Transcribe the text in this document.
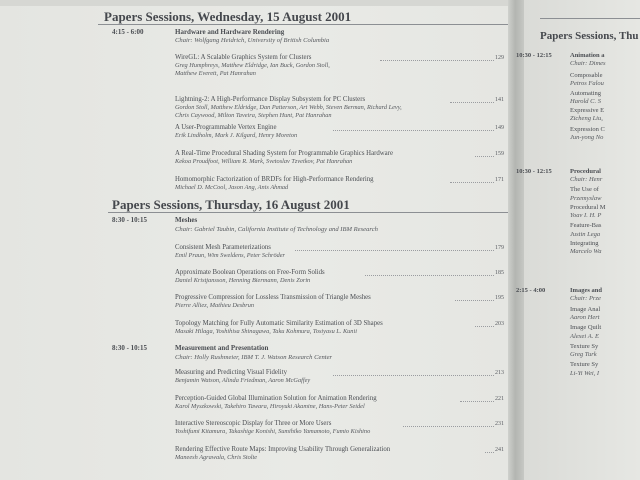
Papers Sessions, Wednesday, 15 August 2001
4:15 - 6:00	Hardware and Hardware Rendering
Chair: Wolfgang Heidrich, University of British Columbia
WireGL: A Scalable Graphics System for Clusters	129
Greg Humphreys, Matthew Eldridge, Ian Buck, Gordon Stoll,
Matthew Everett, Pat Hanrahan
Lightning-2: A High-Performance Display Subsystem for PC Clusters	141
Gordon Stoll, Matthew Eldridge, Dan Patterson, Art Webb, Steven Berman, Richard Levy,
Chris Caywood, Milton Taveira, Stephen Hunt, Pat Hanrahan
A User-Programmable Vertex Engine	149
Erik Lindholm, Mark J. Kilgard, Henry Moreton
A Real-Time Procedural Shading System for Programmable Graphics Hardware	159
Kekoa Proudfoot, William R. Mark, Svetoslav Tzvetkov, Pat Hanrahan
Homomorphic Factorization of BRDFs for High-Performance Rendering	171
Michael D. McCool, Jason Ang, Anis Ahmad
Papers Sessions, Thursday, 16 August 2001
8:30 - 10:15	Meshes
Chair: Gabriel Taubin, California Institute of Technology and IBM Research
Consistent Mesh Parameterizations	179
Emil Praun, Wim Sweldens, Peter Schröder
Approximate Boolean Operations on Free-Form Solids	185
Daniel Kristjansson, Henning Biermann, Denis Zorin
Progressive Compression for Lossless Transmission of Triangle Meshes	195
Pierre Alliez, Mathieu Desbrun
Topology Matching for Fully Automatic Similarity Estimation of 3D Shapes	203
Masaki Hilaga, Yoshihisa Shinagawa, Taku Kohmura, Tosiyasu L. Kunii
8:30 - 10:15	Measurement and Presentation
Chair: Holly Rushmeier, IBM T. J. Watson Research Center
Measuring and Predicting Visual Fidelity	213
Benjamin Watson, Alinda Friedman, Aaron McGaffey
Perception-Guided Global Illumination Solution for Animation Rendering	221
Karol Myszkowski, Takehiro Tawara, Hiroyuki Akamine, Hans-Peter Seidel
Interactive Stereoscopic Display for Three or More Users	231
Yoshifumi Kitamura, Takashige Konishi, Sumihiko Yamamoto, Fumio Kishino
Rendering Effective Route Maps: Improving Usability Through Generalization	241
Maneesh Agrawala, Chris Stolte
Papers Sessions, Thu
10:30 - 12:15	Animation a
Chair: Dimes
Composable
Petros Falou
Automating
Harold C. S
Expressive E
Zicheng Liu,
Expression C
Jun-yong No
10:30 - 12:15	Procedural
Chair: Henr
The Use of
Przemyslaw
Procedural M
Yoav I. H. P
Feature-Bas
Justin Lega
Integrating
Marcelo Wa
2:15 - 4:00	Images and
Chair: Prze
Image Anal
Aaron Hert
Image Quilt
Alexei A. E
Texture Sy
Greg Turk
Texture Sy
Li-Yi Wei, I
